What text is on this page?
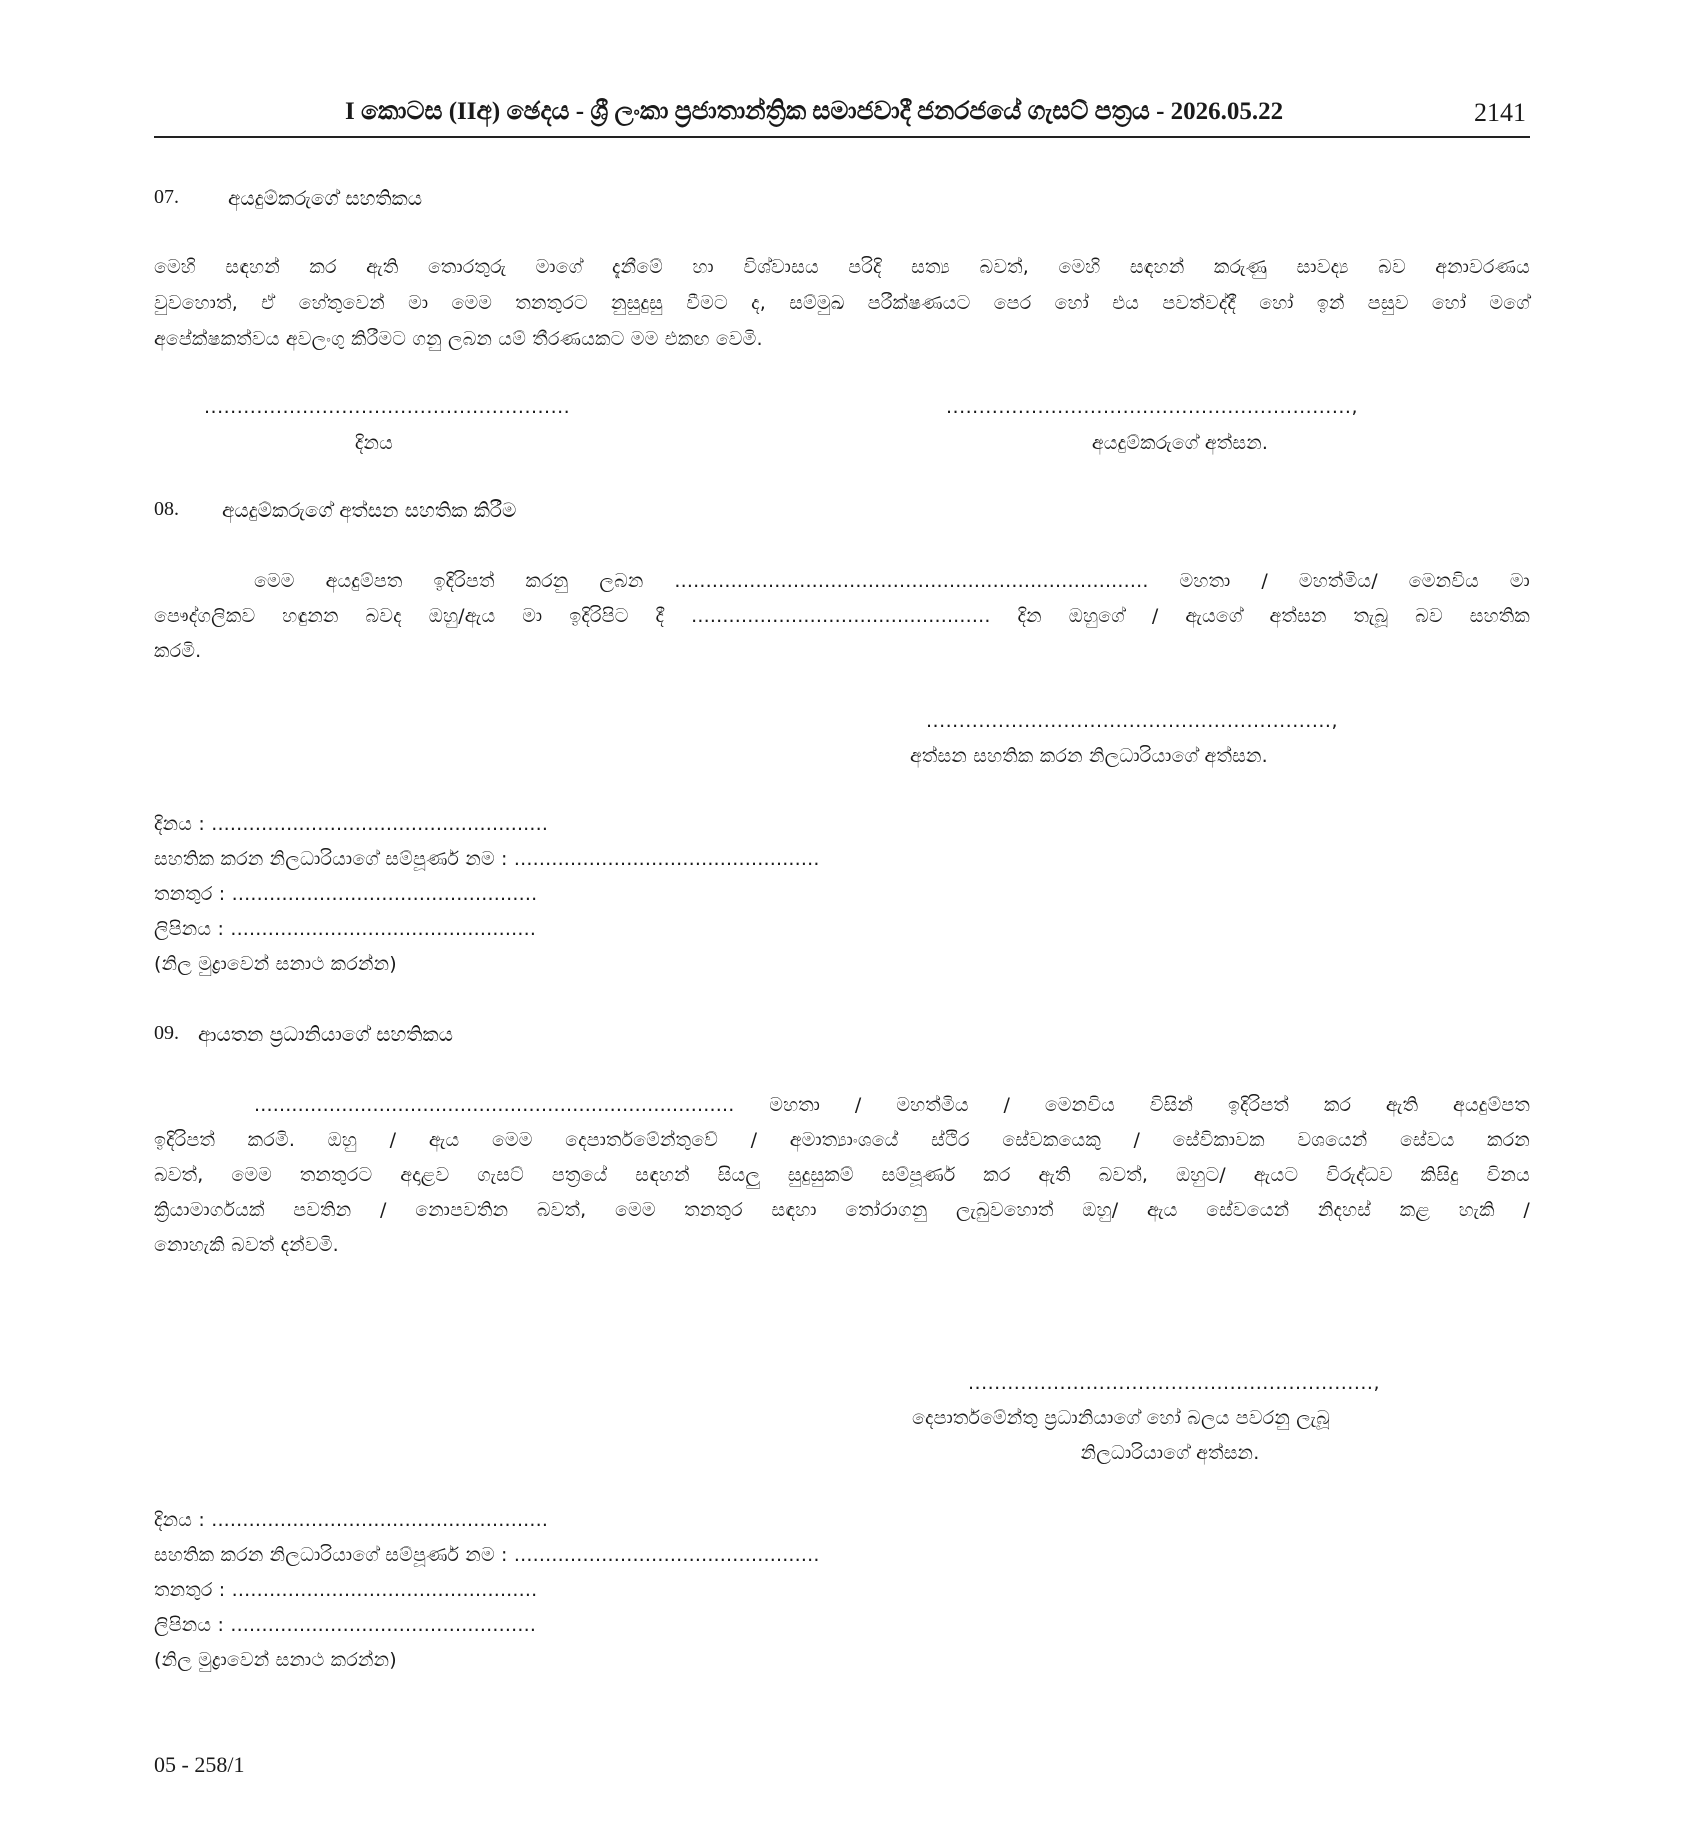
I කොටස (IIඅ) ඡෙදය - ශ්‍රී ලංකා ප්‍රජාතාන්ත්‍රික සමාජවාදී ජනරජයේ ගැසට් පත්‍රය - 2026.05.22	2141
07. අයදුම්කරුගේ සහතිකය
මෙහි සඳහන් කර ඇති තොරතුරු මාගේ දැනීමේ හා විශ්වාසය පරිදි සත්‍ය බවත්, මෙහි සඳහන් කරුණු සාවද්‍ය බව අනාවරණය
වුවහොත්, ඒ හේතුවෙන් මා මෙම තනතුරට නුසුදුසු වීමට ද, සම්මුඛ පරීක්ෂණයට පෙර හෝ එය පවත්වද්දී හෝ ඉන් පසුව හෝ මගේ
අපේක්ෂකත්වය අවලංගු කිරීමට ගනු ලබන යම් තීරණයකට මම එකඟ වෙමි.
........................................................
දිනය
..............................................................,
අයදුම්කරුගේ අත්සන.
08. අයදුම්කරුගේ අත්සන සහතික කිරීම
මෙම අයදුම්පත ඉදිරිපත් කරනු ලබන ............................................................................ මහතා / මහත්මිය/ මෙනවිය මා
පෞද්ගලිකව හඳුනන බවද ඔහු/ඇය මා ඉදිරිපිට දී ................................................ දින ඔහුගේ / ඇයගේ අත්සන තැබූ බව සහතික
කරමි.
..............................................................,
අත්සන සහතික කරන නිලධාරියාගේ අත්සන.
දිනය : ......................................................
සහතික කරන නිලධාරියාගේ සම්පූර්ණ නම : .................................................
තනතුර : .................................................
ලිපිනය : .................................................
(නිල මුද්‍රාවෙන් සනාථ කරන්න)
09. ආයතන ප්‍රධානියාගේ සහතිකය
............................................................................. මහතා / මහත්මිය / මෙනවිය විසින් ඉදිරිපත් කර ඇති අයදුම්පත
ඉදිරිපත් කරමි. ඔහු / ඇය මෙම දෙපාර්තමේන්තුවේ / අමාත්‍යාංශයේ ස්ථිර සේවකයෙකු / සේවිකාවක වශයෙන් සේවය කරන
බවත්, මෙම තනතුරට අදාළව ගැසට් පත්‍රයේ සඳහන් සියලු සුදුසුකම් සම්පූර්ණ කර ඇති බවත්, ඔහුට/ ඇයට විරුද්ධව කිසිදු විනය
ක්‍රියාමාර්ගයක් පවතින / නොපවතින බවත්, මෙම තනතුර සඳහා තෝරාගනු ලැබුවහොත් ඔහු/ ඇය සේවයෙන් නිදහස් කළ හැකි /
නොහැකි බවත් දන්වමි.
..............................................................,
දෙපාර්තමේන්තු ප්‍රධානියාගේ හෝ බලය පවරනු ලැබූ
නිලධාරියාගේ අත්සන.
දිනය : ......................................................
සහතික කරන නිලධාරියාගේ සම්පූර්ණ නම : .................................................
තනතුර : .................................................
ලිපිනය : .................................................
(නිල මුද්‍රාවෙන් සනාථ කරන්න)
05 - 258/1
